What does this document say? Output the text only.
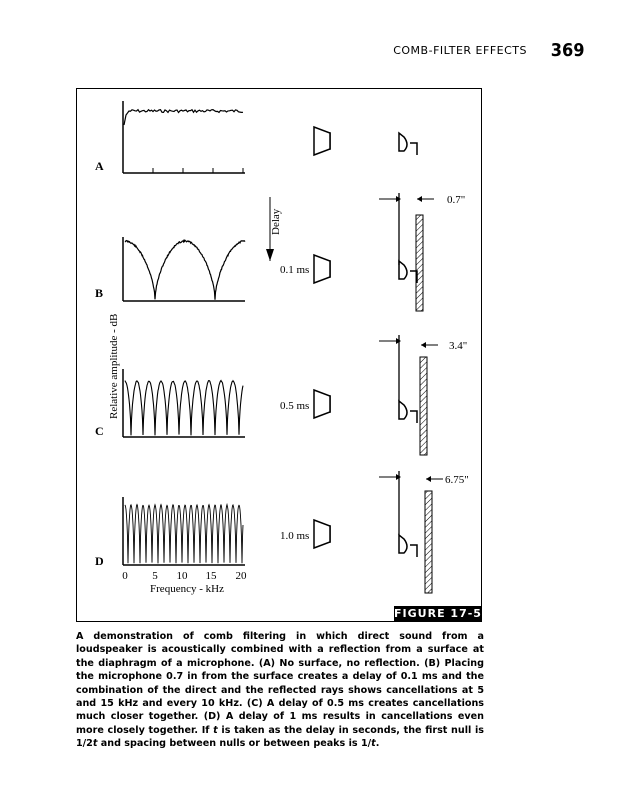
COMB-FILTER EFFECTS 369
A
B
C
D
0 5 10 15 20
Frequency - kHz
Relative amplitude - dB
Delay
0.1 ms
0.5 ms
1.0 ms
0.7"
3.4"
6.75"
FIGURE 17-5
A demonstration of comb filtering in which direct sound from a loudspeaker is acoustically combined with a reflection from a surface at the diaphragm of a microphone. (A) No surface, no reflection. (B) Placing the microphone 0.7 in from the surface creates a delay of 0.1 ms and the combination of the direct and the reflected rays shows cancellations at 5 and 15 kHz and every 10 kHz. (C) A delay of 0.5 ms creates cancellations much closer together. (D) A delay of 1 ms results in cancellations even more closely together. If t is taken as the delay in seconds, the first null is 1/2t and spacing between nulls or between peaks is 1/t.
